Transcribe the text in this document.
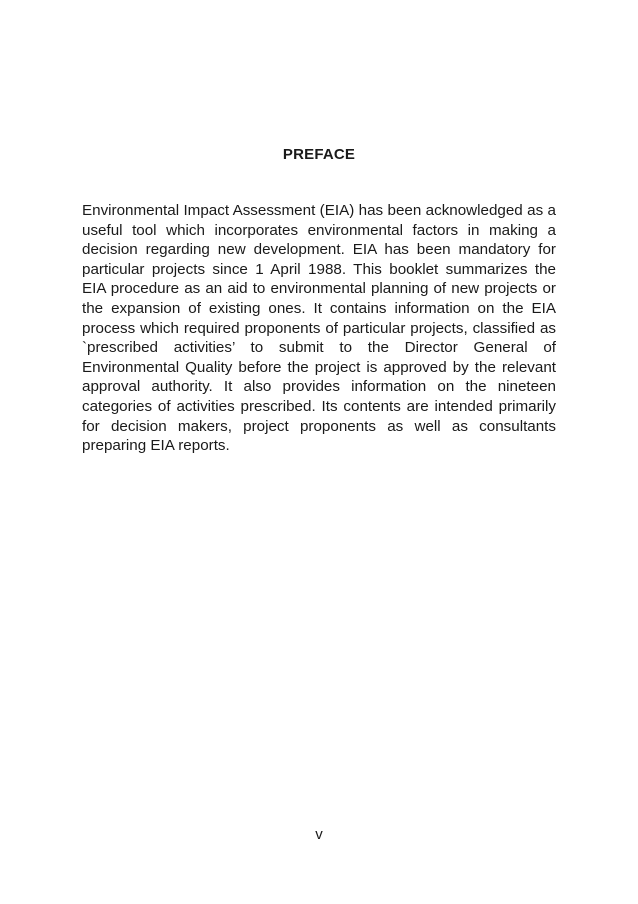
PREFACE

Environmental Impact Assessment (EIA) has been acknowledged as a useful tool which incorporates environmental factors in making a decision regarding new development. EIA has been mandatory for particular projects since 1 April 1988. This booklet summarizes the EIA procedure as an aid to environmental planning of new projects or the expansion of existing ones. It contains information on the EIA process which required proponents of particular projects, classified as `prescribed activities’ to submit to the Director General of Environmental Quality before the project is approved by the relevant approval authority. It also provides information on the nineteen categories of activities prescribed. Its contents are intended primarily for decision makers, project proponents as well as consultants preparing EIA reports.

v
